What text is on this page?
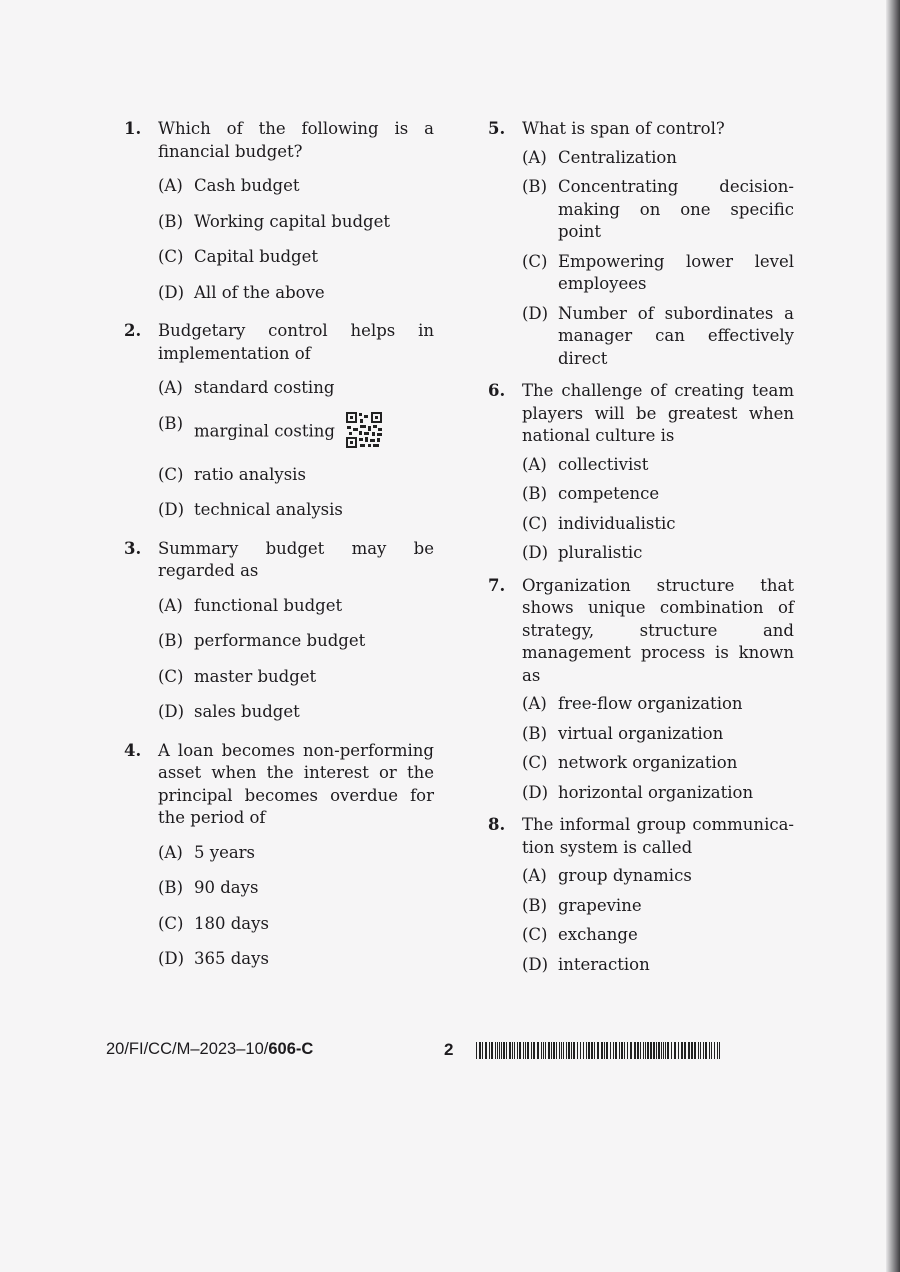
1. Which of the following is a financial budget?
(A) Cash budget
(B) Working capital budget
(C) Capital budget
(D) All of the above
2. Budgetary control helps in implementation of
(A) standard costing
(B) marginal costing
(C) ratio analysis
(D) technical analysis
3. Summary budget may be regarded as
(A) functional budget
(B) performance budget
(C) master budget
(D) sales budget
4. A loan becomes non-performing asset when the interest or the principal becomes overdue for the period of
(A) 5 years
(B) 90 days
(C) 180 days
(D) 365 days
5. What is span of control?
(A) Centralization
(B) Concentrating decision-making on one specific point
(C) Empowering lower level employees
(D) Number of subordinates a manager can effectively direct
6. The challenge of creating team players will be greatest when national culture is
(A) collectivist
(B) competence
(C) individualistic
(D) pluralistic
7. Organization structure that shows unique combination of strategy, structure and management process is known as
(A) free-flow organization
(B) virtual organization
(C) network organization
(D) horizontal organization
8. The informal group communica-tion system is called
(A) group dynamics
(B) grapevine
(C) exchange
(D) interaction
20/FI/CC/M–2023–10/606-C	2
